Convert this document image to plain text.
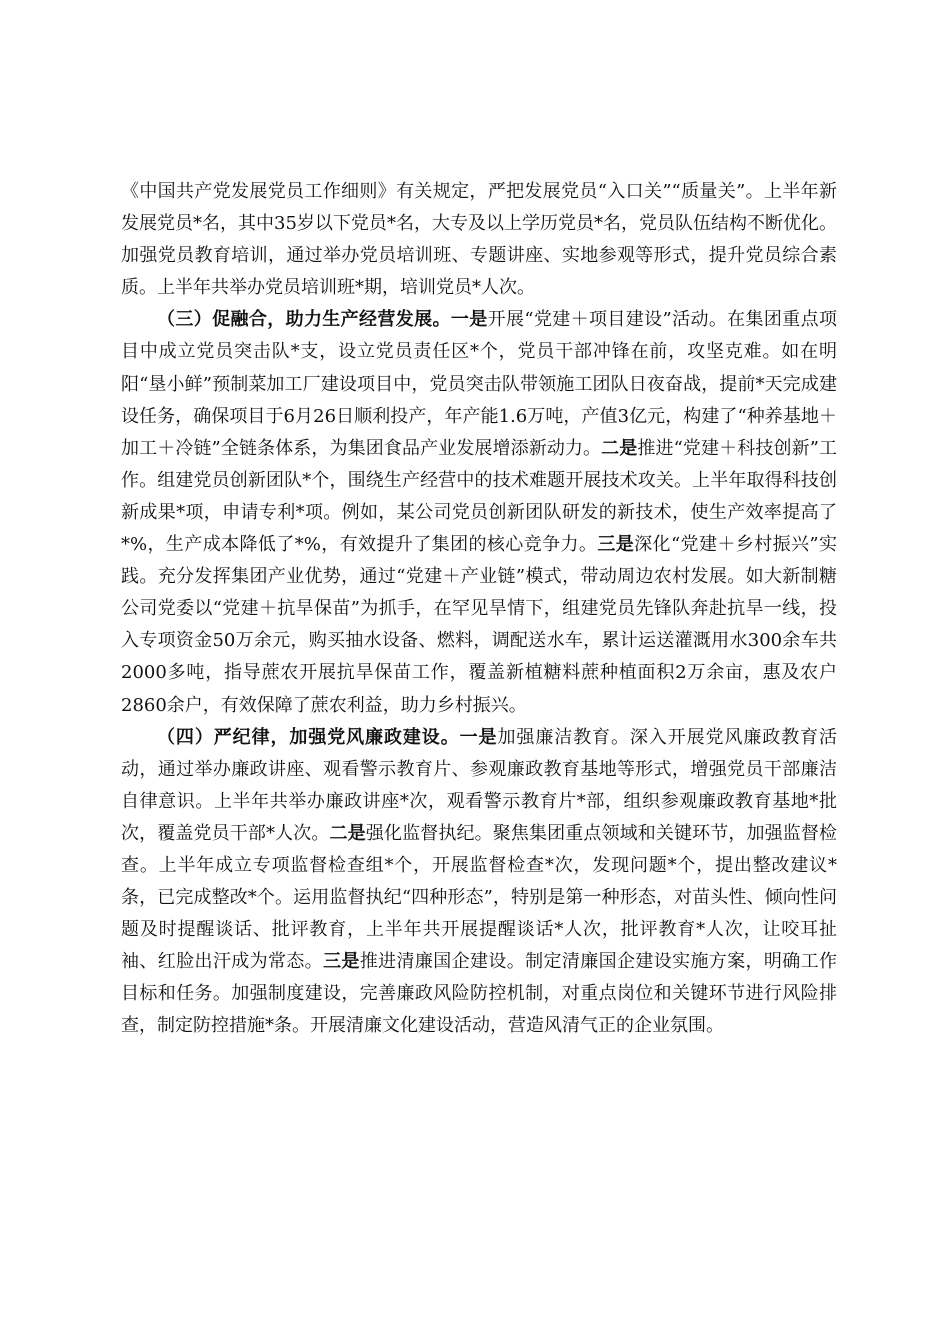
《中国共产党发展党员工作细则》有关规定，严把发展党员“入口关”“质量关”。上半年新发展党员*名，其中35岁以下党员*名，大专及以上学历党员*名，党员队伍结构不断优化。加强党员教育培训，通过举办党员培训班、专题讲座、实地参观等形式，提升党员综合素质。上半年共举办党员培训班*期，培训党员*人次。

（三）促融合，助力生产经营发展。一是开展“党建＋项目建设”活动。在集团重点项目中成立党员突击队*支，设立党员责任区*个，党员干部冲锋在前，攻坚克难。如在明阳“垦小鲜”预制菜加工厂建设项目中，党员突击队带领施工团队日夜奋战，提前*天完成建设任务，确保项目于6月26日顺利投产，年产能1.6万吨，产值3亿元，构建了“种养基地＋加工＋冷链”全链条体系，为集团食品产业发展增添新动力。二是推进“党建＋科技创新”工作。组建党员创新团队*个，围绕生产经营中的技术难题开展技术攻关。上半年取得科技创新成果*项，申请专利*项。例如，某公司党员创新团队研发的新技术，使生产效率提高了*%，生产成本降低了*%，有效提升了集团的核心竞争力。三是深化“党建＋乡村振兴”实践。充分发挥集团产业优势，通过“党建＋产业链”模式，带动周边农村发展。如大新制糖公司党委以“党建＋抗旱保苗”为抓手，在罕见旱情下，组建党员先锋队奔赴抗旱一线，投入专项资金50万余元，购买抽水设备、燃料，调配送水车，累计运送灌溉用水300余车共2000多吨，指导蔗农开展抗旱保苗工作，覆盖新植糖料蔗种植面积2万余亩，惠及农户2860余户，有效保障了蔗农利益，助力乡村振兴。

（四）严纪律，加强党风廉政建设。一是加强廉洁教育。深入开展党风廉政教育活动，通过举办廉政讲座、观看警示教育片、参观廉政教育基地等形式，增强党员干部廉洁自律意识。上半年共举办廉政讲座*次，观看警示教育片*部，组织参观廉政教育基地*批次，覆盖党员干部*人次。二是强化监督执纪。聚焦集团重点领域和关键环节，加强监督检查。上半年成立专项监督检查组*个，开展监督检查*次，发现问题*个，提出整改建议*条，已完成整改*个。运用监督执纪“四种形态”，特别是第一种形态，对苗头性、倾向性问题及时提醒谈话、批评教育，上半年共开展提醒谈话*人次，批评教育*人次，让咬耳扯袖、红脸出汗成为常态。三是推进清廉国企建设。制定清廉国企建设实施方案，明确工作目标和任务。加强制度建设，完善廉政风险防控机制，对重点岗位和关键环节进行风险排查，制定防控措施*条。开展清廉文化建设活动，营造风清气正的企业氛围。
